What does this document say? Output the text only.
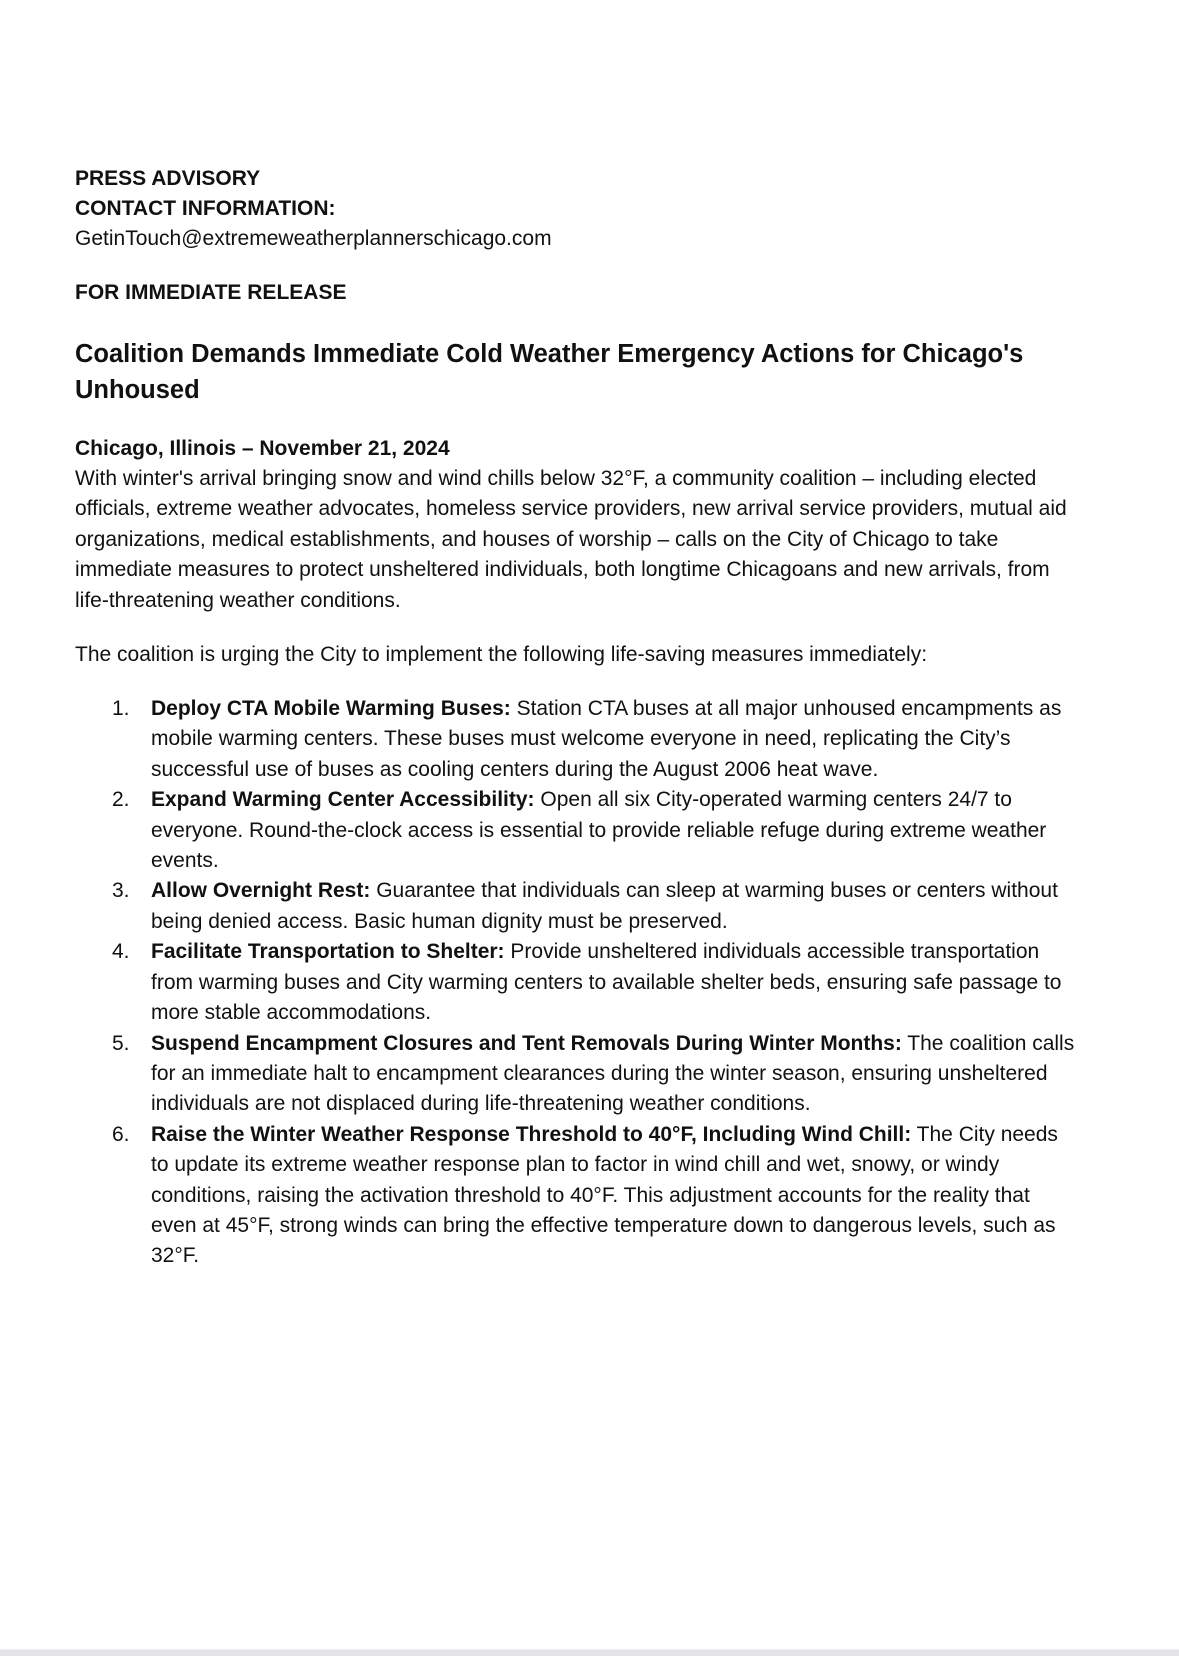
PRESS ADVISORY

CONTACT INFORMATION:

GetinTouch@extremeweatherplannerschicago.com

FOR IMMEDIATE RELEASE

Coalition Demands Immediate Cold Weather Emergency Actions for Chicago's Unhoused

Chicago, Illinois – November 21, 2024

With winter's arrival bringing snow and wind chills below 32°F, a community coalition – including elected officials, extreme weather advocates, homeless service providers, new arrival service providers, mutual aid organizations, medical establishments, and houses of worship – calls on the City of Chicago to take immediate measures to protect unsheltered individuals, both longtime Chicagoans and new arrivals, from life-threatening weather conditions.

The coalition is urging the City to implement the following life-saving measures immediately:

1. Deploy CTA Mobile Warming Buses: Station CTA buses at all major unhoused encampments as mobile warming centers. These buses must welcome everyone in need, replicating the City’s successful use of buses as cooling centers during the August 2006 heat wave.
2. Expand Warming Center Accessibility: Open all six City-operated warming centers 24/7 to everyone. Round-the-clock access is essential to provide reliable refuge during extreme weather events.
3. Allow Overnight Rest: Guarantee that individuals can sleep at warming buses or centers without being denied access. Basic human dignity must be preserved.
4. Facilitate Transportation to Shelter: Provide unsheltered individuals accessible transportation from warming buses and City warming centers to available shelter beds, ensuring safe passage to more stable accommodations.
5. Suspend Encampment Closures and Tent Removals During Winter Months: The coalition calls for an immediate halt to encampment clearances during the winter season, ensuring unsheltered individuals are not displaced during life-threatening weather conditions.
6. Raise the Winter Weather Response Threshold to 40°F, Including Wind Chill: The City needs to update its extreme weather response plan to factor in wind chill and wet, snowy, or windy conditions, raising the activation threshold to 40°F. This adjustment accounts for the reality that even at 45°F, strong winds can bring the effective temperature down to dangerous levels, such as 32°F.
